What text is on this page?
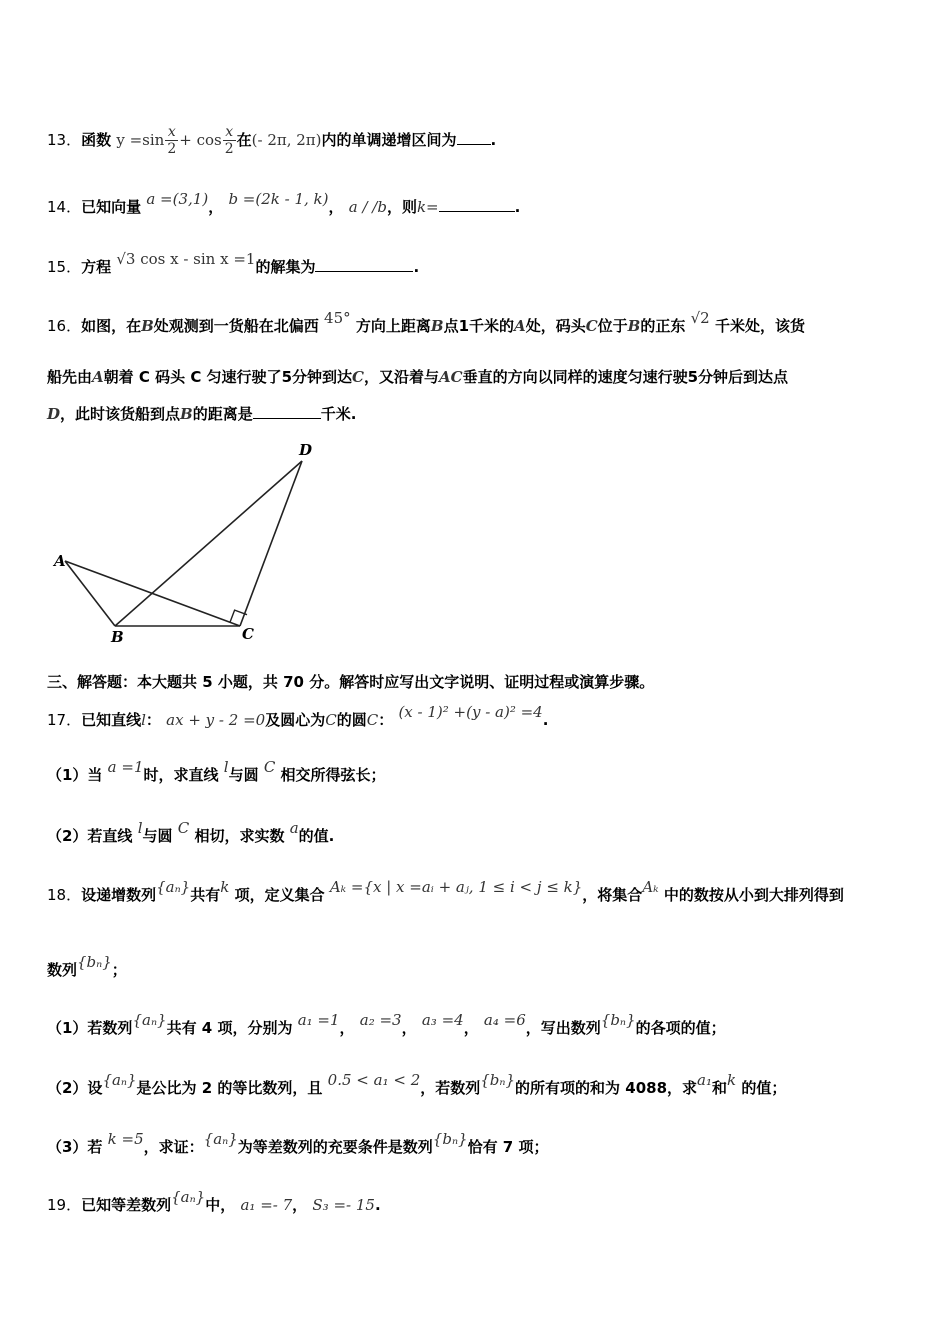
13．函数 $y =\sin \frac{x}{2} + \cos \frac{x}{2}$ 在(- 2π, 2π)内的单调递增区间为 .
14．已知向量 a =(3,1)， b =(2k - 1, k)， a / /b，则k=	.
15．方程 √3 cos x - sin x =1的解集为	.
16．如图，在B处观测到一货船在北偏西 45° 方向上距离B点1千米的A处，码头C位于B的正东 √2 千米处，该货
船先由A朝着 C 码头 C 匀速行驶了5分钟到达C，又沿着与AC垂直的方向以同样的速度匀速行驶5分钟后到达点
D，此时该货船到点B的距离是	千米.
A
B	C
D
三、解答题：本大题共 5 小题，共 70 分。解答时应写出文字说明、证明过程或演算步骤。
17．已知直线l： ax + y - 2 =0及圆心为C的圆C： (x - 1)² +(y - a)² =4.
（1）当 a =1时，求直线 l与圆 C 相交所得弦长；
（2）若直线 l与圆 C 相切，求实数 a的值.
18．设递增数列{aₙ}共有k 项，定义集合 Aₖ ={x | x =aᵢ + aⱼ, 1 ≤ i < j ≤ k}，将集合Aₖ 中的数按从小到大排列得到
数列{bₙ}；
（1）若数列{aₙ}共有 4 项，分别为 a₁ =1， a₂ =3， a₃ =4， a₄ =6，写出数列{bₙ}的各项的值；
（2）设{aₙ}是公比为 2 的等比数列，且 0.5 < a₁ < 2，若数列{bₙ}的所有项的和为 4088，求a₁和k 的值；
（3）若 k =5，求证：{aₙ}为等差数列的充要条件是数列{bₙ}恰有 7 项；
19．已知等差数列{aₙ}中， a₁ =- 7， S₃ =- 15.
